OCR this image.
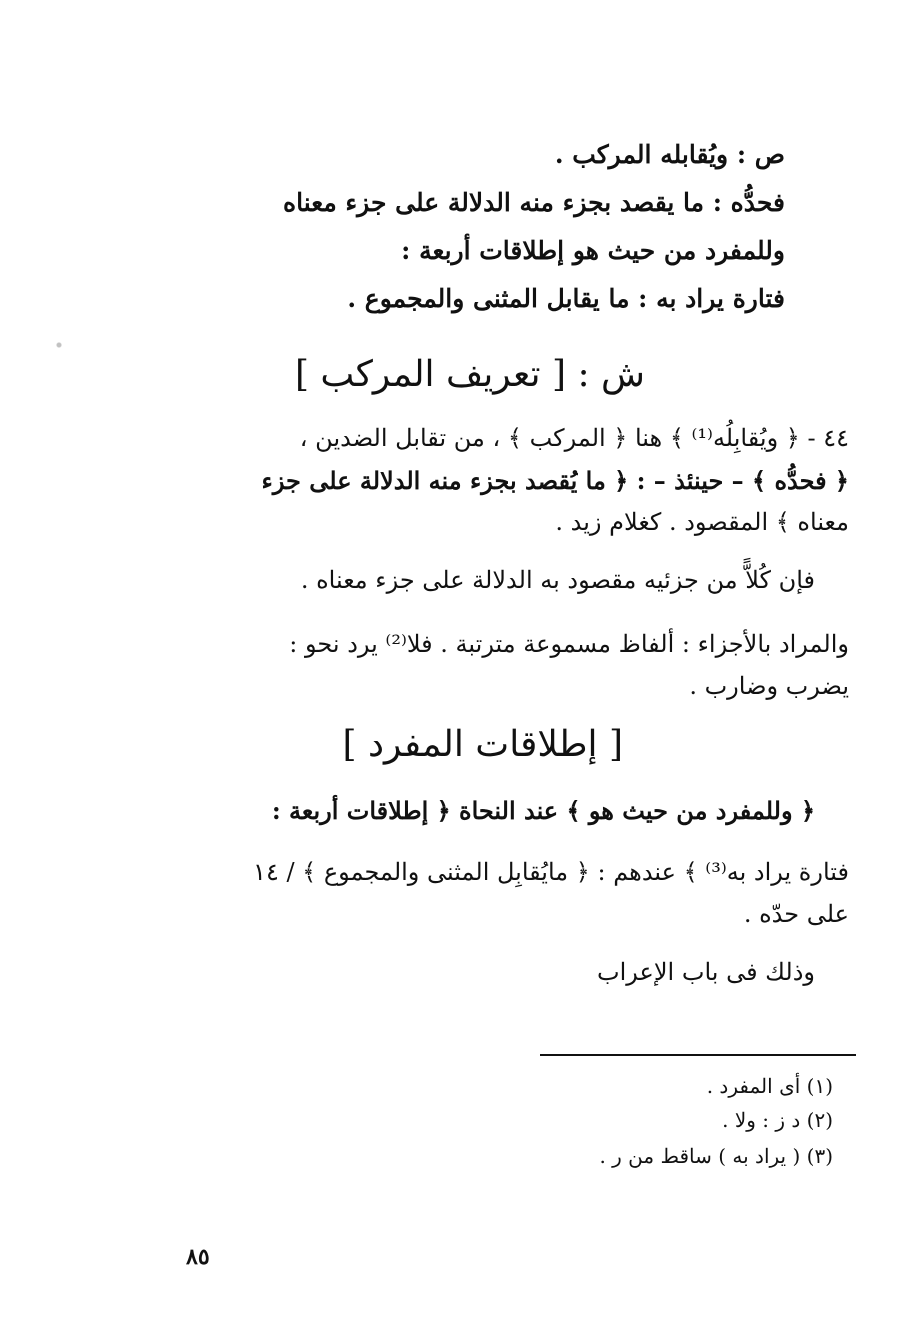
ص : ويُقابله المركب .
فحدُّه : ما يقصد بجزء منه الدلالة على جزء معناه
وللمفرد من حيث هو إطلاقات أربعة :
فتارة يراد به : ما يقابل المثنى والمجموع .
ش : [ تعريف المركب ]
٤٤ - ﴿ ويُقابِلُه⁽¹⁾ ﴾ هنا ﴿ المركب ﴾ ، من تقابل الضدين ،
﴿ فحدُّه ﴾ – حينئذ – : ﴿ ما يُقصد بجزء منه الدلالة على جزء
معناه ﴾ المقصود . كغلام زيد .
فإن كُلاًّ من جزئيه مقصود به الدلالة على جزء معناه .
والمراد بالأجزاء : ألفاظ مسموعة مترتبة . فلا⁽²⁾ يرد نحو :
يضرب وضارب .
[ إطلاقات المفرد ]
﴿ وللمفرد من حيث هو ﴾ عند النحاة ﴿ إطلاقات أربعة :
فتارة يراد به⁽³⁾ ﴾ عندهم : ﴿ مايُقابِل المثنى والمجموع ﴾ / ١٤
على حدّه .
وذلك فى باب الإعراب
(١) أى المفرد .
(٢) د ز : ولا .
(٣) ( يراد به ) ساقط من ر .
٨٥
